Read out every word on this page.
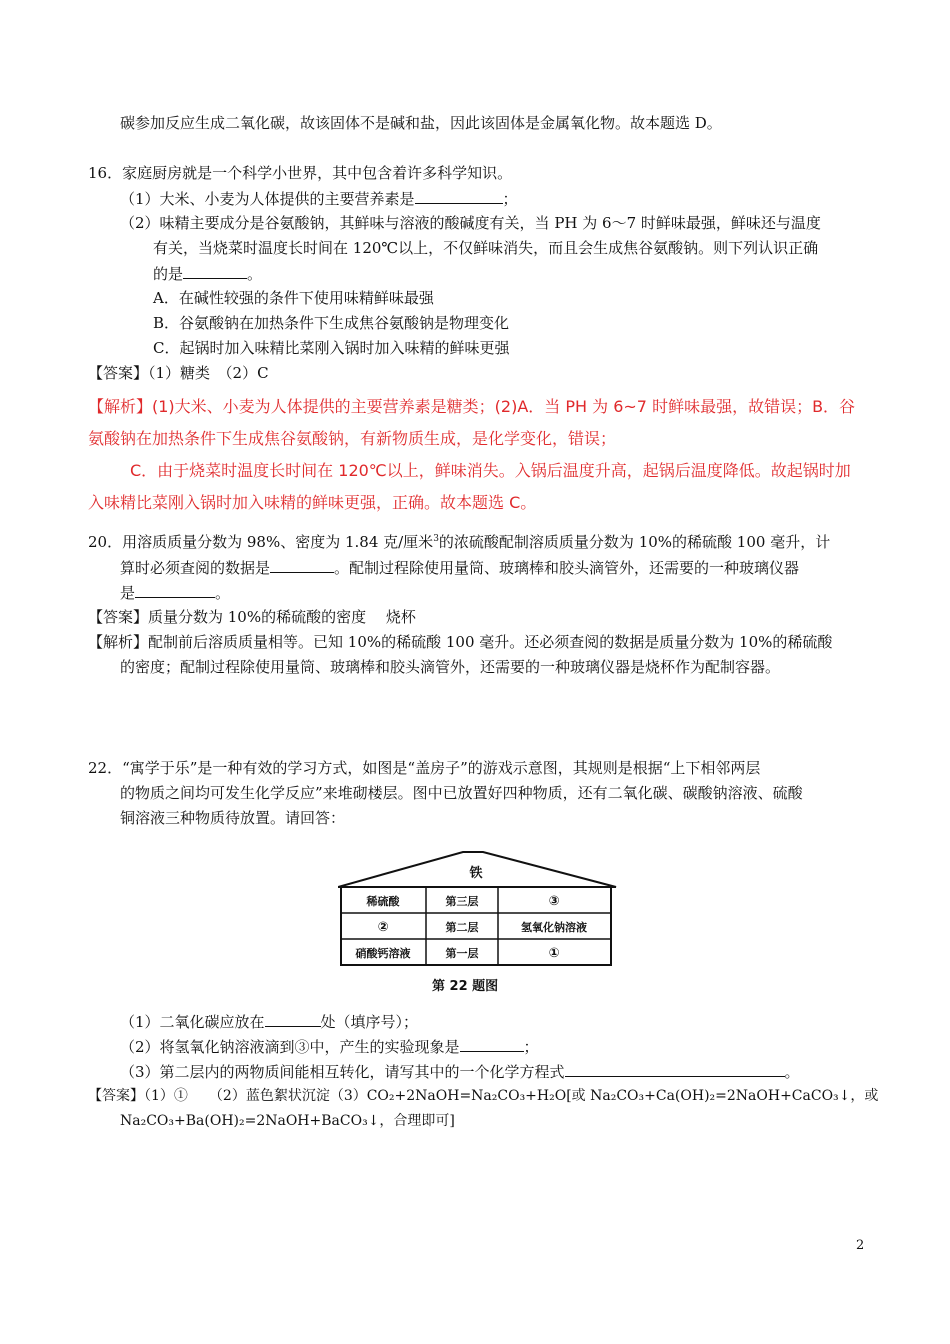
碳参加反应生成二氧化碳，故该固体不是碱和盐，因此该固体是金属氧化物。故本题选 D。
16．家庭厨房就是一个科学小世界，其中包含着许多科学知识。
（1）大米、小麦为人体提供的主要营养素是	；
（2）味精主要成分是谷氨酸钠，其鲜味与溶液的酸碱度有关，当 PH 为 6～7 时鲜味最强，鲜味还与温度
有关，当烧菜时温度长时间在 120℃以上，不仅鲜味消失，而且会生成焦谷氨酸钠。则下列认识正确
的是	。
A．在碱性较强的条件下使用味精鲜味最强
B．谷氨酸钠在加热条件下生成焦谷氨酸钠是物理变化
C．起锅时加入味精比菜刚入锅时加入味精的鲜味更强
【答案】（1）糖类　（2）C
【解析】(1)大米、小麦为人体提供的主要营养素是糖类；(2)A．当 PH 为 6~7 时鲜味最强，故错误；B．谷
氨酸钠在加热条件下生成焦谷氨酸钠，有新物质生成，是化学变化，错误；
C．由于烧菜时温度长时间在 120℃以上，鲜味消失。入锅后温度升高，起锅后温度降低。故起锅时加
入味精比菜刚入锅时加入味精的鲜味更强，正确。故本题选 C。
20．用溶质质量分数为 98%、密度为 1.84 克/厘米$^3$的浓硫酸配制溶质质量分数为 10%的稀硫酸 100 毫升，计
算时必须查阅的数据是	。配制过程除使用量筒、玻璃棒和胶头滴管外，还需要的一种玻璃仪器
是	。
【答案】质量分数为 10%的稀硫酸的密度　 烧杯
【解析】配制前后溶质质量相等。已知 10%的稀硫酸 100 毫升。还必须查阅的数据是质量分数为 10%的稀硫酸
的密度；配制过程除使用量筒、玻璃棒和胶头滴管外，还需要的一种玻璃仪器是烧杯作为配制容器。
22．“寓学于乐”是一种有效的学习方式，如图是“盖房子”的游戏示意图，其规则是根据“上下相邻两层
的物质之间均可发生化学反应”来堆砌楼层。图中已放置好四种物质，还有二氧化碳、碳酸钠溶液、硫酸
铜溶液三种物质待放置。请回答：
铁
稀硫酸	第三层	③
②	第二层	氢氧化钠溶液
硝酸钙溶液	第一层	①
第 22 题图
（1）二氧化碳应放在	处（填序号）；
（2）将氢氧化钠溶液滴到③中，产生的实验现象是	；
（3）第二层内的两物质间能相互转化，请写其中的一个化学方程式	。
【答案】（1）①　　（2）蓝色絮状沉淀（3）CO₂+2NaOH=Na₂CO₃+H₂O[或 Na₂CO₃+Ca(OH)₂=2NaOH+CaCO₃↓，或
Na₂CO₃+Ba(OH)₂=2NaOH+BaCO₃↓，合理即可]
2
